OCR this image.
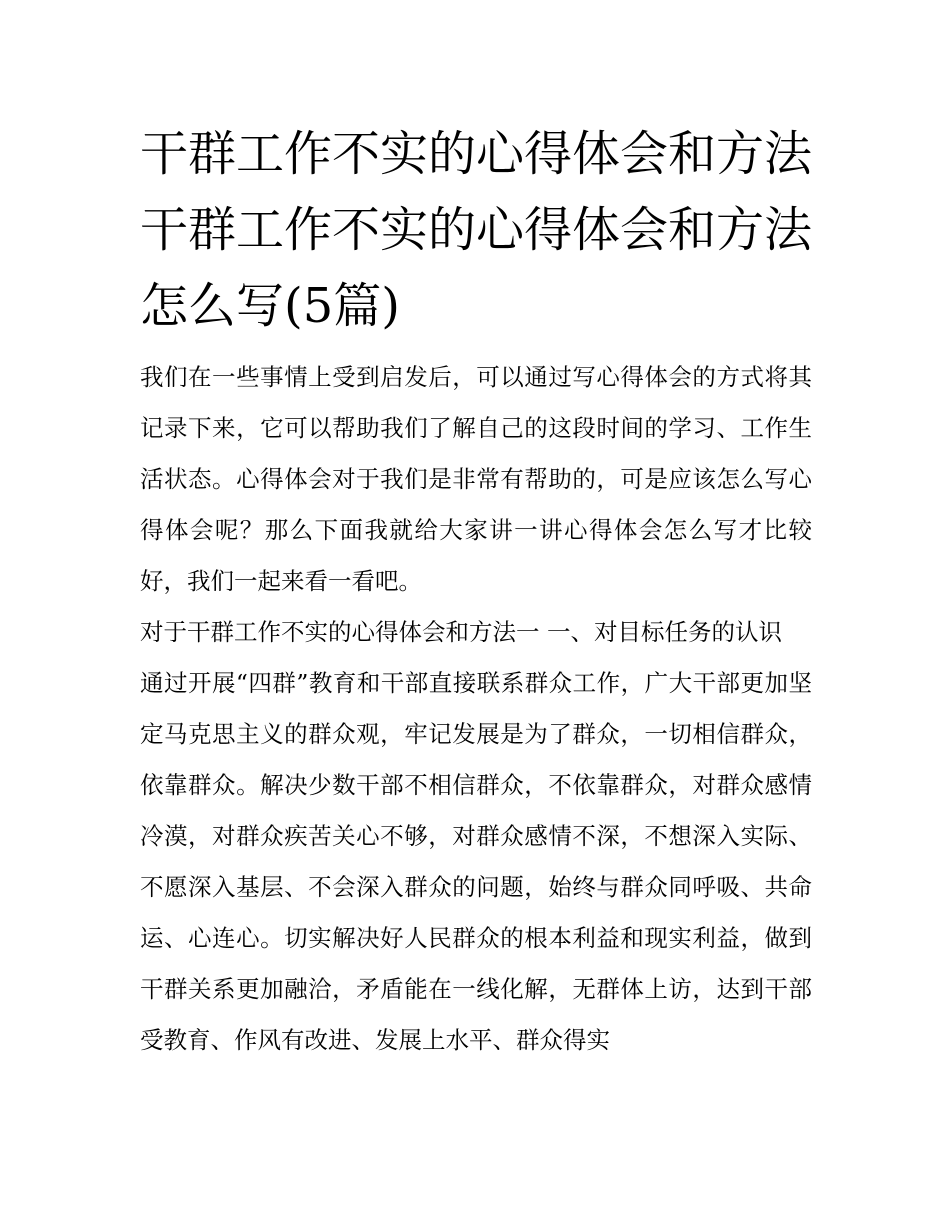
干群工作不实的心得体会和方法 干群工作不实的心得体会和方法怎么写(5篇)

我们在一些事情上受到启发后，可以通过写心得体会的方式将其记录下来，它可以帮助我们了解自己的这段时间的学习、工作生活状态。心得体会对于我们是非常有帮助的，可是应该怎么写心得体会呢？那么下面我就给大家讲一讲心得体会怎么写才比较好，我们一起来看一看吧。

对于干群工作不实的心得体会和方法一 一、对目标任务的认识

通过开展“四群”教育和干部直接联系群众工作，广大干部更加坚定马克思主义的群众观，牢记发展是为了群众，一切相信群众，依靠群众。解决少数干部不相信群众，不依靠群众，对群众感情冷漠，对群众疾苦关心不够，对群众感情不深，不想深入实际、不愿深入基层、不会深入群众的问题，始终与群众同呼吸、共命运、心连心。切实解决好人民群众的根本利益和现实利益，做到干群关系更加融洽，矛盾能在一线化解，无群体上访，达到干部受教育、作风有改进、发展上水平、群众得实
